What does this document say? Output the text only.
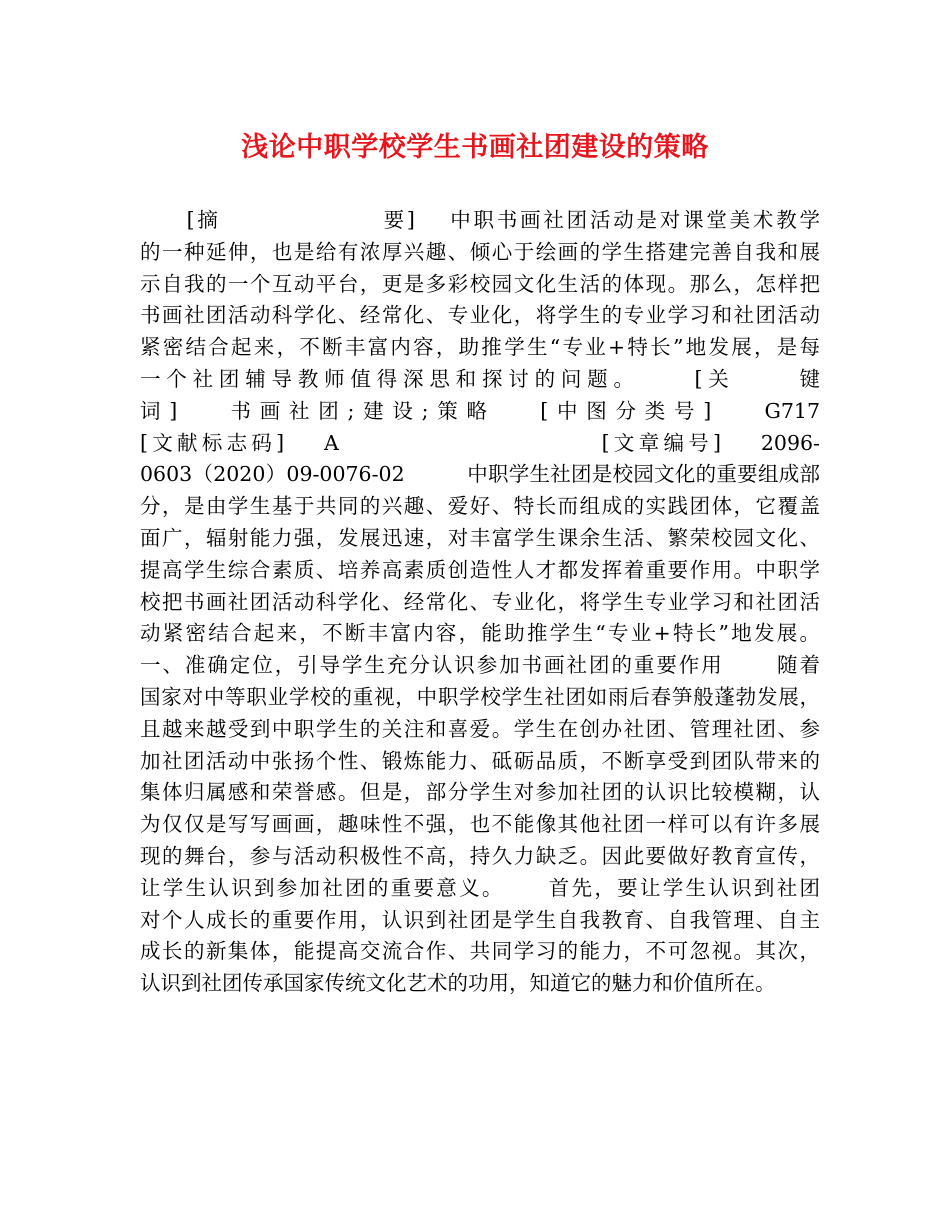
浅论中职学校学生书画社团建设的策略
　　[摘　　　　　　　要]　 中职书画社团活动是对课堂美术教学
的一种延伸，也是给有浓厚兴趣、倾心于绘画的学生搭建完善自我和展
示自我的一个互动平台，更是多彩校园文化生活的体现。那么，怎样把
书画社团活动科学化、经常化、专业化，将学生的专业学习和社团活动
紧密结合起来，不断丰富内容，助推学生“专业+特长”地发展，是每
一个社团辅导教师值得深思和探讨的问题。　　 [关　　 键
词]　 书画社团;建设;策略　 [中图分类号]　 G717
[文献标志码]　 A　　　　　　　　　　 [文章编号]　 2096-
0603（2020）09-0076-02　　　中职学生社团是校园文化的重要组成部
分，是由学生基于共同的兴趣、爱好、特长而组成的实践团体，它覆盖
面广，辐射能力强，发展迅速，对丰富学生课余生活、繁荣校园文化、
提高学生综合素质、培养高素质创造性人才都发挥着重要作用。中职学
校把书画社团活动科学化、经常化、专业化，将学生专业学习和社团活
动紧密结合起来，不断丰富内容，能助推学生“专业+特长”地发展。
一、准确定位，引导学生充分认识参加书画社团的重要作用　　 随着
国家对中等职业学校的重视，中职学校学生社团如雨后春笋般蓬勃发展，
且越来越受到中职学生的关注和喜爱。学生在创办社团、管理社团、参
加社团活动中张扬个性、锻炼能力、砥砺品质，不断享受到团队带来的
集体归属感和荣誉感。但是，部分学生对参加社团的认识比较模糊，认
为仅仅是写写画画，趣味性不强，也不能像其他社团一样可以有许多展
现的舞台，参与活动积极性不高，持久力缺乏。因此要做好教育宣传，
让学生认识到参加社团的重要意义。　　 首先，要让学生认识到社团
对个人成长的重要作用，认识到社团是学生自我教育、自我管理、自主
成长的新集体，能提高交流合作、共同学习的能力，不可忽视。其次，
认识到社团传承国家传统文化艺术的功用，知道它的魅力和价值所在。
